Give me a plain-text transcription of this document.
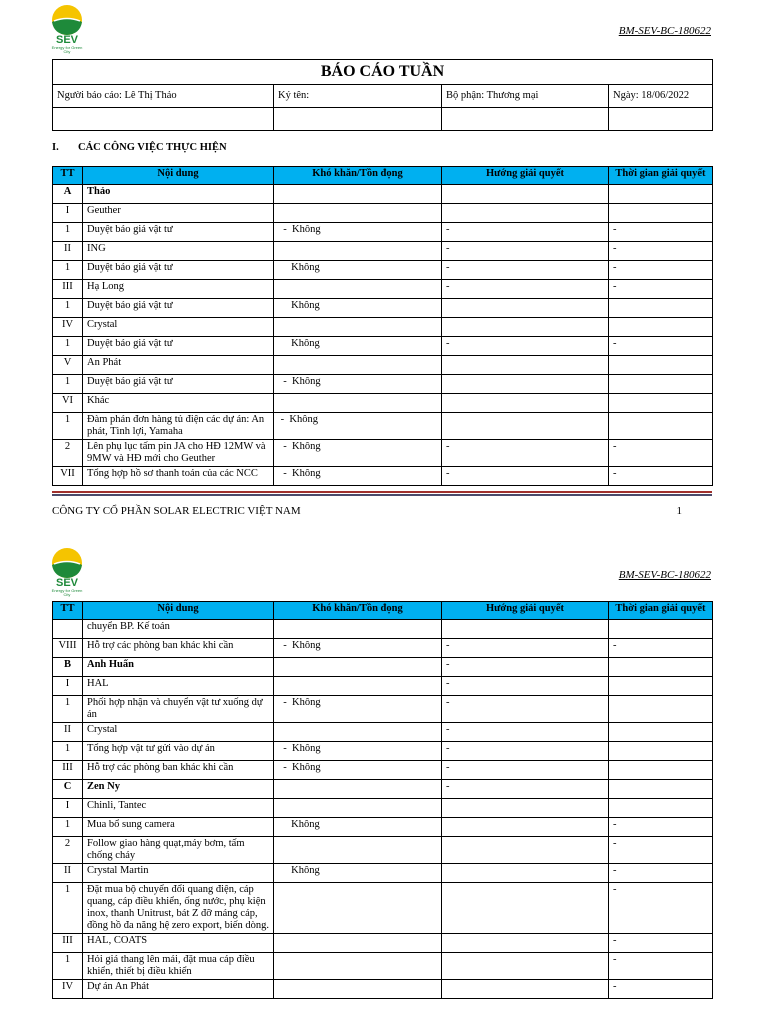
SEV
Energy for Green City
BM-SEV-BC-180622
BÁO CÁO TUẦN			
Người báo cáo: Lê Thị Thảo	Ký tên:	Bộ phận: Thương mại	Ngày: 18/06/2022

I. CÁC CÔNG VIỆC THỰC HIỆN
TT	Nội dung	Khó khăn/Tồn đọng	Hướng giải quyết	Thời gian giải quyết
A	Thảo			
I	Geuther			
1	Duyệt báo giá vật tư	-  Không	-	-
II	ING		-	-
1	Duyệt báo giá vật tư	Không	-	-
III	Hạ Long		-	-
1	Duyệt báo giá vật tư	Không		
IV	Crystal			
1	Duyệt báo giá vật tư	Không	-	-
V	An Phát			
1	Duyệt báo giá vật tư	-  Không		
VI	Khác			
1	Đàm phán đơn hàng tủ điện các dự án: An phát, Tình lợi, Yamaha	-  Không		
2	Lên phụ lục tấm pin JA cho HĐ 12MW và 9MW và HĐ mới cho Geuther	-  Không	-	-
VII	Tổng hợp hồ sơ thanh toán của các NCC	-  Không	-	-
CÔNG TY CỔ PHẦN SOLAR ELECTRIC VIỆT NAM	1
SEV
Energy for Green City
BM-SEV-BC-180622
TT	Nội dung	Khó khăn/Tồn đọng	Hướng giải quyết	Thời gian giải quyết
	chuyển BP. Kế toán			
VIII	Hỗ trợ các phòng ban khác khi cần	-  Không	-	-
B	Anh Huấn		-	
I	HAL		-	
1	Phối hợp nhận và chuyển vật tư xuống dự án	-  Không	-	
II	Crystal		-	
1	Tổng hợp vật tư gửi vào dự án	-  Không	-	
III	Hỗ trợ các phòng ban khác khi cần	-  Không	-	
C	Zen Ny		-	
I	Chinli, Tantec			
1	Mua bổ sung camera	Không		-
2	Follow giao hàng quạt,máy bơm, tấm chống cháy			-
II	Crystal Martin	Không		-
1	Đặt mua bộ chuyển đổi quang điện, cáp quang, cáp điều khiển, ống nước, phụ kiện inox, thanh Unitrust, bát Z đỡ máng cáp, đồng hồ đa năng hệ zero export, biến dòng.			-
III	HAL, COATS			-
1	Hỏi giá thang lên mái, đặt mua cáp điều khiển, thiết bị điều khiển			-
IV	Dự án An Phát			-
